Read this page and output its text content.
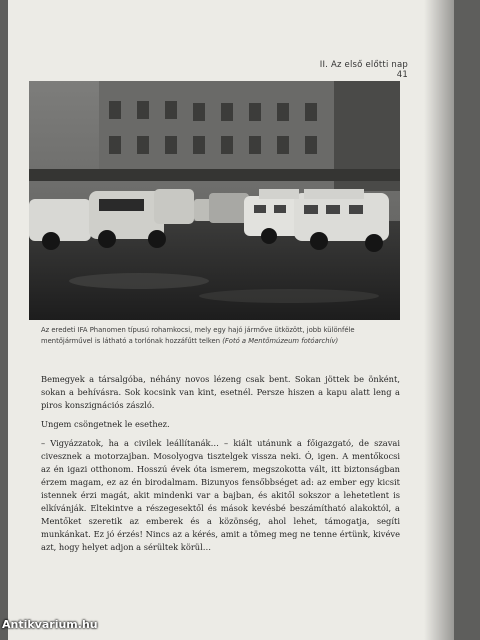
II. Az első előtti nap 41
Az eredeti IFA Phanomen típusú rohamkocsi, mely egy hajó jármőve ütközött, jobb különféle mentőjárművel is látható a torlónak hozzáfűtt telken (Fotó a Mentőmúzeum fotóarchív)

Bemegyek a társalgóba, néhány novos lézeng csak bent. Sokan jöttek be önként, sokan a behívásra. Sok kocsink van kint, esetnél. Persze hiszen a kapu alatt leng a piros konszignációs zászló.

Ungem csöngetnek le esethez.

– Vigyázzatok, ha a civilek leállítanák… – kiált utánunk a főigazgató, de szavai civesznek a motorzajban. Mosolyogva tisztelgek vissza neki. Ó, igen. A mentőkocsi az én igazi otthonom. Hosszú évek óta ismerem, megszokotta vált, itt biztonságban érzem magam, ez az én birodalmam. Bizunyos fensőbbséget ad: az ember egy kicsit istennek érzi magát, akit mindenki var a bajban, és akitől sokszor a lehetetlent is elkívánják. Eltekintve a részegesektől és mások kevésbé beszámítható alakoktól, a Mentőket szeretik az emberek és a közönség, ahol lehet, támogatja, segíti munkánkat. Ez jó érzés! Nincs az a kérés, amit a tömeg meg ne tenne értünk, kivéve azt, hogy helyet adjon a sérültek körül…

Antikvarium.hu
